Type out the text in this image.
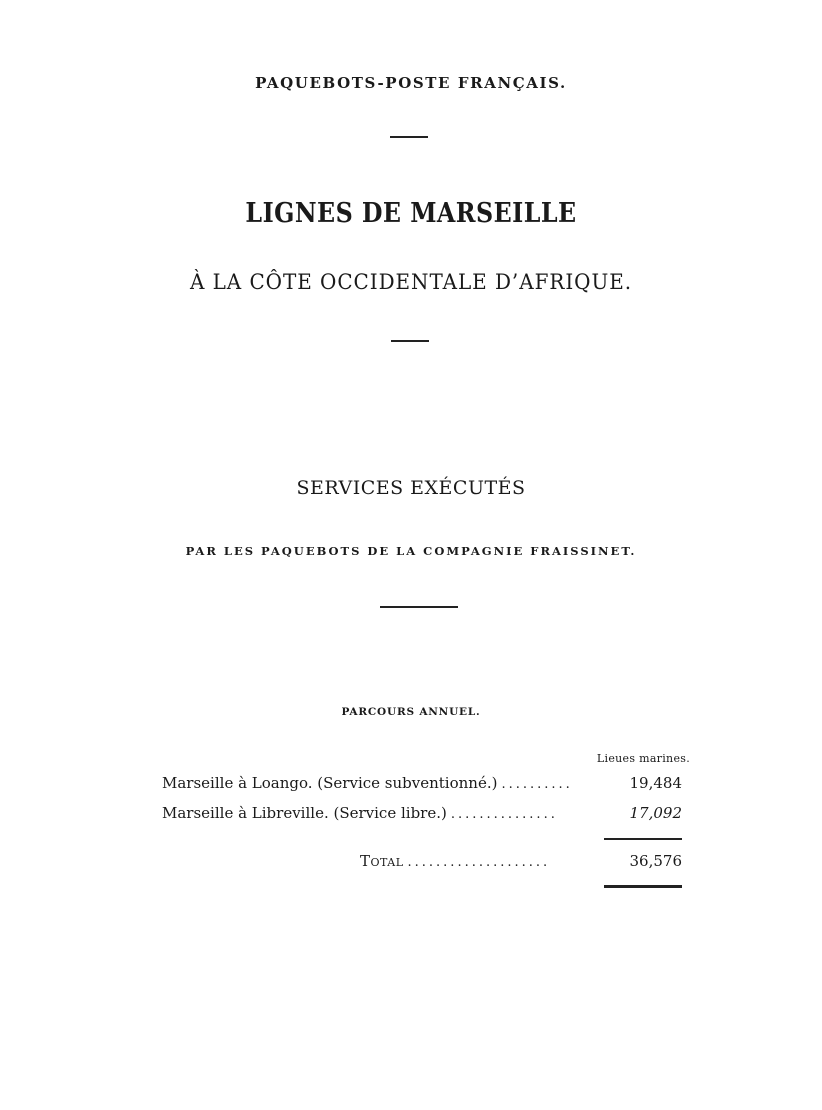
PAQUEBOTS-POSTE FRANÇAIS.
LIGNES DE MARSEILLE
À LA CÔTE OCCIDENTALE D’AFRIQUE.
SERVICES EXÉCUTÉS
PAR LES PAQUEBOTS DE LA COMPAGNIE FRAISSINET.
PARCOURS ANNUEL.
Lieues marines.
Marseille à Loango. (Service subventionné.) ..........	19,484
Marseille à Libreville. (Service libre.) ...............	17,092
Total ....................	36,576
